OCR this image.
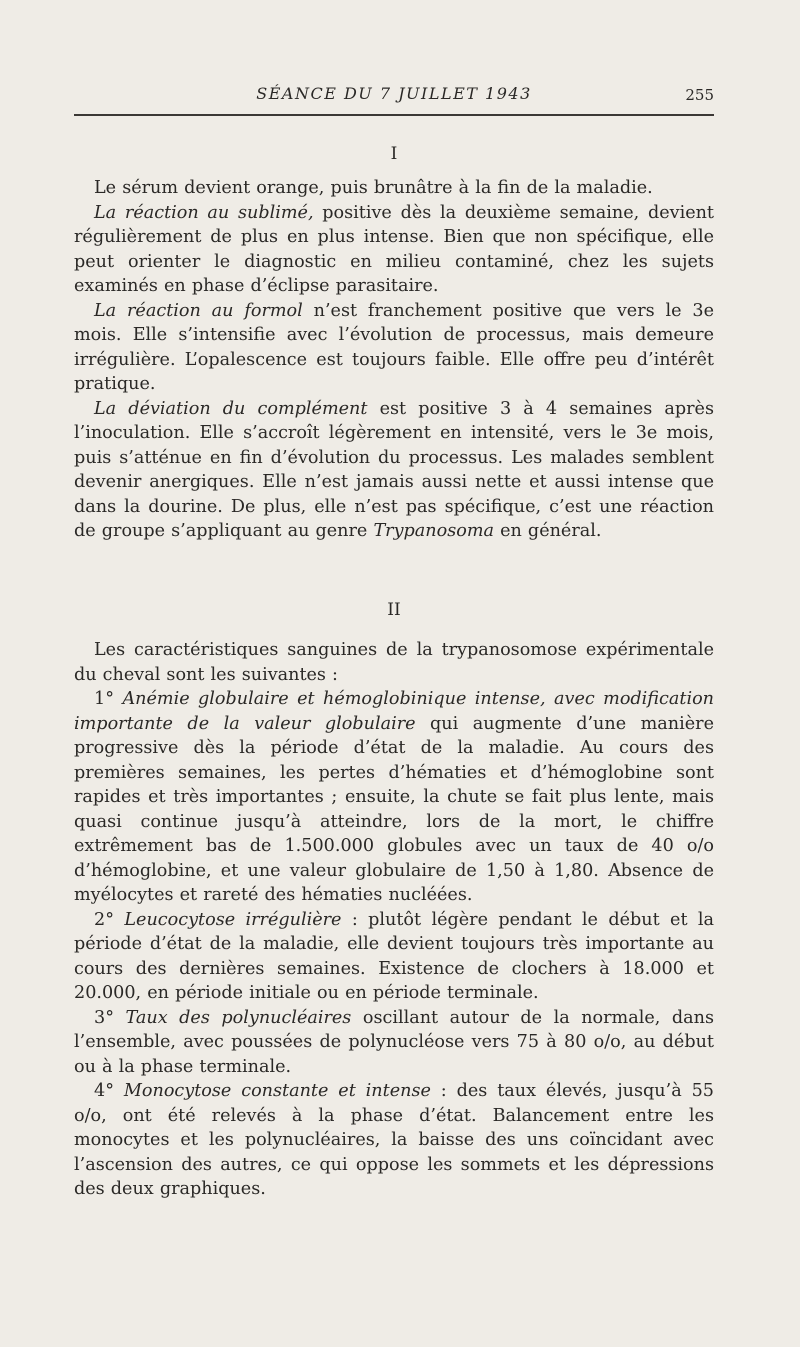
SÉANCE DU 7 JUILLET 1943	255
I

Le sérum devient orange, puis brunâtre à la fin de la maladie.

La réaction au sublimé, positive dès la deuxième semaine, devient régulièrement de plus en plus intense. Bien que non spécifique, elle peut orienter le diagnostic en milieu contaminé, chez les sujets examinés en phase d’éclipse parasitaire.

La réaction au formol n’est franchement positive que vers le 3e mois. Elle s’intensifie avec l’évolution de processus, mais demeure irrégulière. L’opalescence est toujours faible. Elle offre peu d’intérêt pratique.

La déviation du complément est positive 3 à 4 semaines après l’inoculation. Elle s’accroît légèrement en intensité, vers le 3e mois, puis s’atténue en fin d’évolution du processus. Les malades semblent devenir anergiques. Elle n’est jamais aussi nette et aussi intense que dans la dourine. De plus, elle n’est pas spécifique, c’est une réaction de groupe s’appliquant au genre Trypanosoma en général.

II

Les caractéristiques sanguines de la trypanosomose expérimentale du cheval sont les suivantes :

1° Anémie globulaire et hémoglobinique intense, avec modification importante de la valeur globulaire qui augmente d’une manière progressive dès la période d’état de la maladie. Au cours des premières semaines, les pertes d’hématies et d’hémoglobine sont rapides et très importantes ; ensuite, la chute se fait plus lente, mais quasi continue jusqu’à atteindre, lors de la mort, le chiffre extrêmement bas de 1.500.000 globules avec un taux de 40 o/o d’hémoglobine, et une valeur globulaire de 1,50 à 1,80. Absence de myélocytes et rareté des hématies nucléées.

2° Leucocytose irrégulière : plutôt légère pendant le début et la période d’état de la maladie, elle devient toujours très importante au cours des dernières semaines. Existence de clochers à 18.000 et 20.000, en période initiale ou en période terminale.

3° Taux des polynucléaires oscillant autour de la normale, dans l’ensemble, avec poussées de polynucléose vers 75 à 80 o/o, au début ou à la phase terminale.

4° Monocytose constante et intense : des taux élevés, jusqu’à 55 o/o, ont été relevés à la phase d’état. Balancement entre les monocytes et les polynucléaires, la baisse des uns coïncidant avec l’ascension des autres, ce qui oppose les sommets et les dépressions des deux graphiques.
